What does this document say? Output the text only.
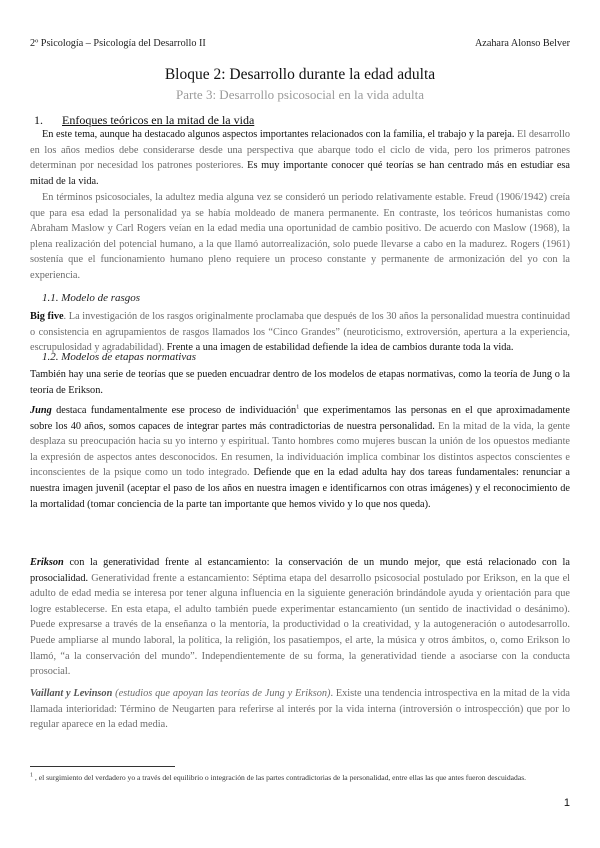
2º Psicología – Psicología del Desarrollo II	Azahara Alonso Belver
Bloque 2: Desarrollo durante la edad adulta
Parte 3: Desarrollo psicosocial en la vida adulta
1. Enfoques teóricos en la mitad de la vida
En este tema, aunque ha destacado algunos aspectos importantes relacionados con la familia, el trabajo y la pareja. El desarrollo en los años medios debe considerarse desde una perspectiva que abarque todo el ciclo de vida, pero los primeros patrones determinan por necesidad los patrones posteriores. Es muy importante conocer qué teorías se han centrado más en estudiar esa mitad de la vida.
En términos psicosociales, la adultez media alguna vez se consideró un periodo relativamente estable. Freud (1906/1942) creía que para esa edad la personalidad ya se había moldeado de manera permanente. En contraste, los teóricos humanistas como Abraham Maslow y Carl Rogers veían en la edad media una oportunidad de cambio positivo. De acuerdo con Maslow (1968), la plena realización del potencial humano, a la que llamó autorrealización, solo puede llevarse a cabo en la madurez. Rogers (1961) sostenía que el funcionamiento humano pleno requiere un proceso constante y permanente de armonización del yo con la experiencia.
1.1. Modelo de rasgos
Big five. La investigación de los rasgos originalmente proclamaba que después de los 30 años la personalidad muestra continuidad o consistencia en agrupamientos de rasgos llamados los “Cinco Grandes” (neuroticismo, extroversión, apertura a la experiencia, escrupulosidad y agradabilidad). Frente a una imagen de estabilidad defiende la idea de cambios durante toda la vida.
1.2. Modelos de etapas normativas
También hay una serie de teorías que se pueden encuadrar dentro de los modelos de etapas normativas, como la teoría de Jung o la teoría de Erikson.
Jung destaca fundamentalmente ese proceso de individuación$^1$ que experimentamos las personas en el que aproximadamente sobre los 40 años, somos capaces de integrar partes más contradictorias de nuestra personalidad. En la mitad de la vida, la gente desplaza su preocupación hacia su yo interno y espiritual. Tanto hombres como mujeres buscan la unión de los opuestos mediante la expresión de aspectos antes desconocidos. En resumen, la individuación implica combinar los distintos aspectos conscientes e inconscientes de la psique como un todo integrado. Defiende que en la edad adulta hay dos tareas fundamentales: renunciar a nuestra imagen juvenil (aceptar el paso de los años en nuestra imagen e identificarnos con otras imágenes) y el reconocimiento de la mortalidad (tomar conciencia de la parte tan importante que hemos vivido y lo que nos queda).
Erikson con la generatividad frente al estancamiento: la conservación de un mundo mejor, que está relacionado con la prosocialidad. Generatividad frente a estancamiento: Séptima etapa del desarrollo psicosocial postulado por Erikson, en la que el adulto de edad media se interesa por tener alguna influencia en la siguiente generación brindándole ayuda y orientación para que logre establecerse. En esta etapa, el adulto también puede experimentar estancamiento (un sentido de inactividad o desánimo). Puede expresarse a través de la enseñanza o la mentoría, la productividad o la creatividad, y la autogeneración o autodesarrollo. Puede ampliarse al mundo laboral, la política, la religión, los pasatiempos, el arte, la música y otros ámbitos, o, como Erikson lo llamó, “a la conservación del mundo”. Independientemente de su forma, la generatividad tiende a asociarse con la conducta prosocial.
Vaillant y Levinson (estudios que apoyan las teorías de Jung y Erikson). Existe una tendencia introspectiva en la mitad de la vida llamada interioridad: Término de Neugarten para referirse al interés por la vida interna (introversión o introspección) que por lo regular aparece en la edad media.
$^1$ , el surgimiento del verdadero yo a través del equilibrio o integración de las partes contradictorias de la personalidad, entre ellas las que antes fueron descuidadas.
1
